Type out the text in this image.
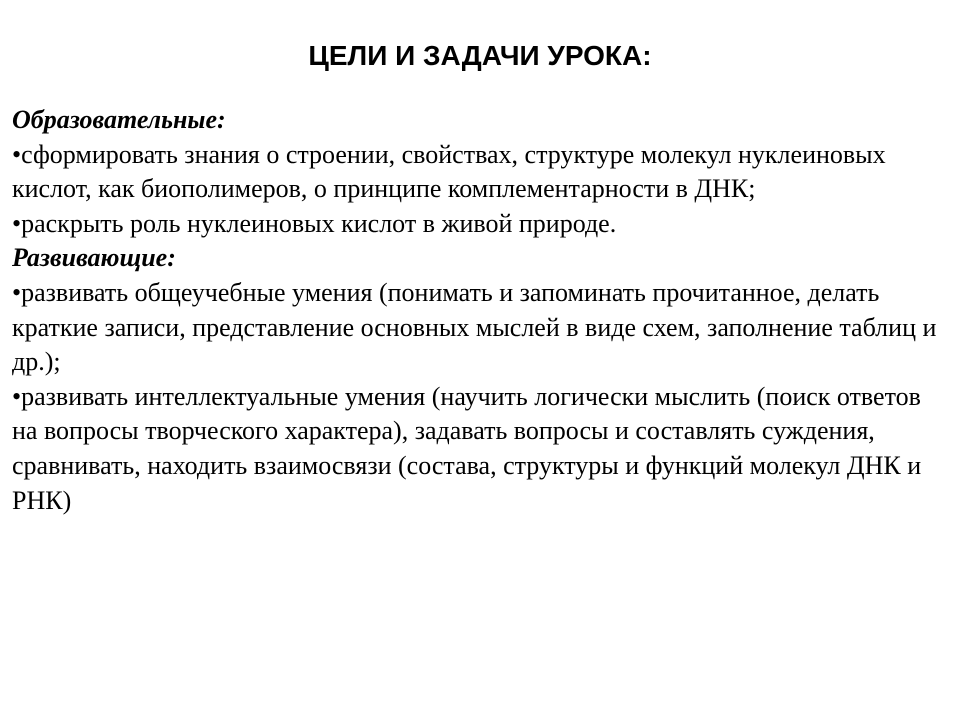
ЦЕЛИ И ЗАДАЧИ УРОКА:
Образовательные:
•сформировать знания о строении, свойствах, структуре молекул нуклеиновых кислот, как биополимеров, о принципе комплементарности в ДНК;
•раскрыть роль нуклеиновых кислот в живой природе.
Развивающие:
•развивать общеучебные умения (понимать и запоминать прочитанное, делать краткие записи, представление основных мыслей в виде схем, заполнение таблиц и др.);
•развивать интеллектуальные умения (научить логически мыслить (поиск ответов на вопросы творческого характера), задавать вопросы и составлять суждения, сравнивать, находить взаимосвязи (состава, структуры и функций молекул ДНК и РНК)
